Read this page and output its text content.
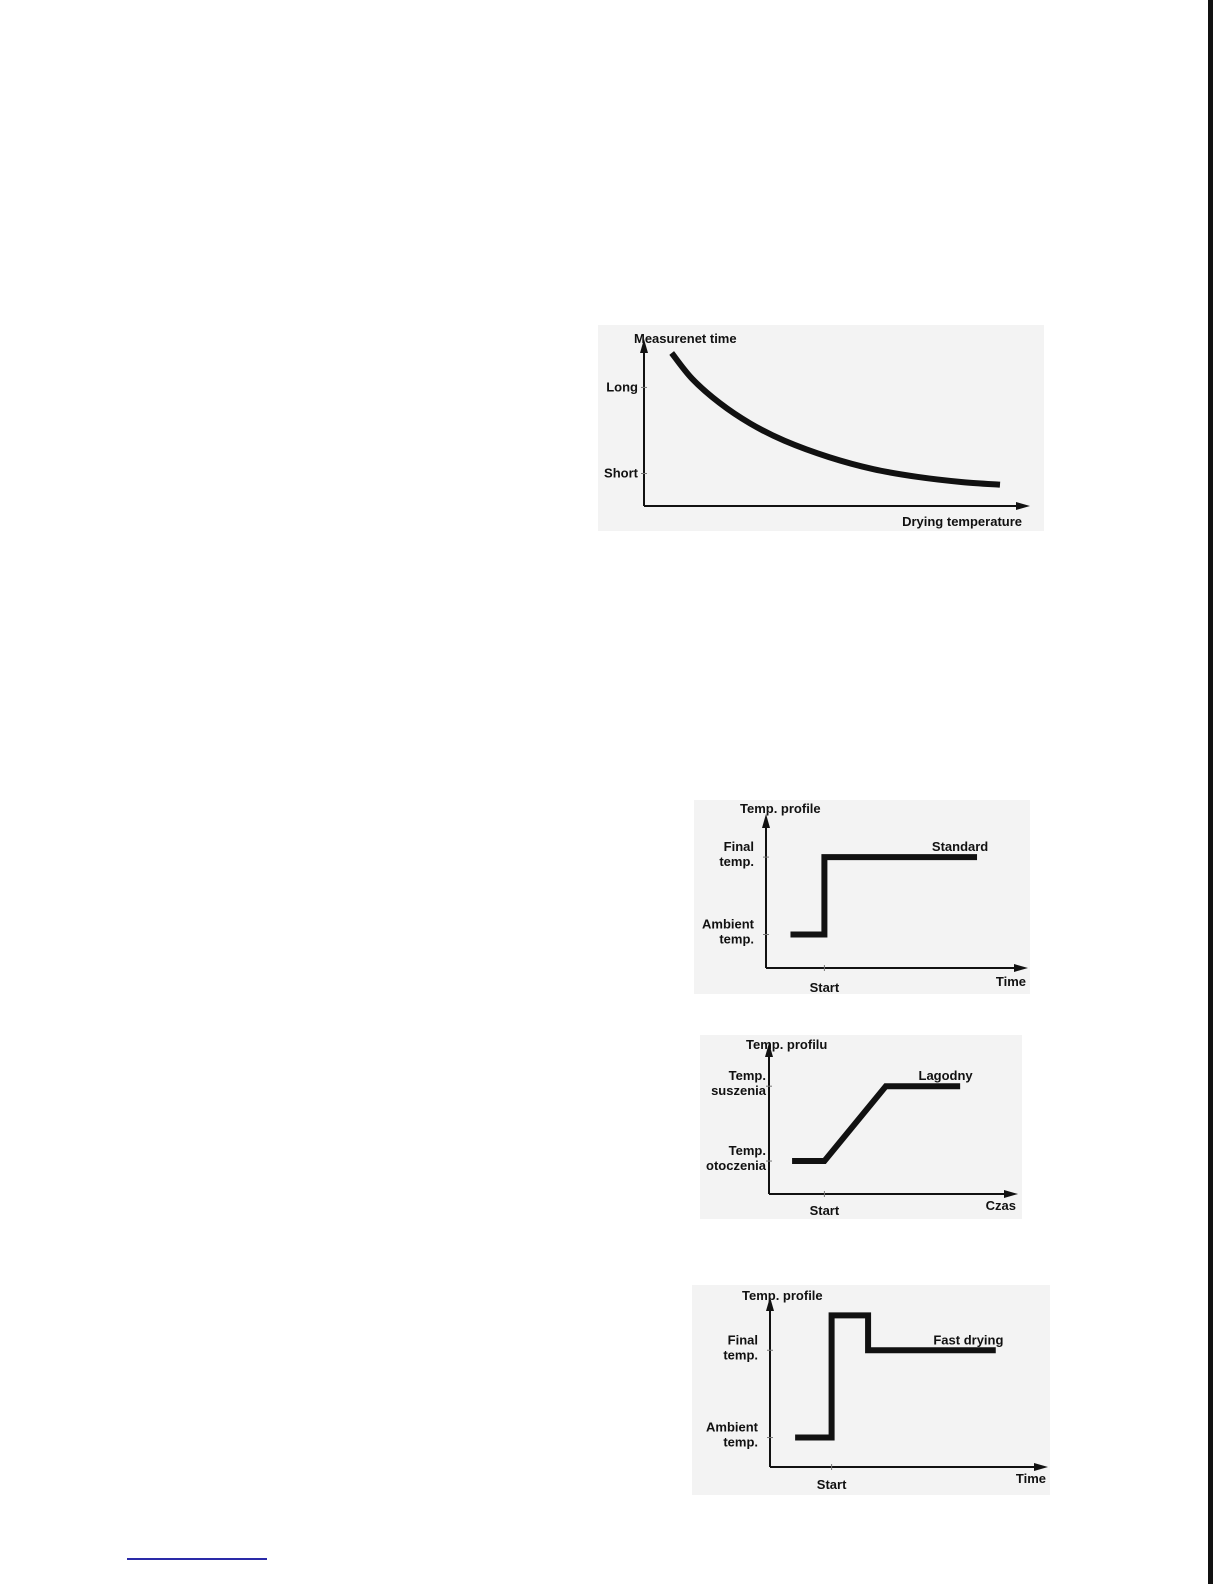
Measurenet time
Drying temperature
Long
Short
Temp. profile
Time
Final temp.
Ambient temp.
Start
Standard
Temp. profilu
Czas
Temp. suszenia
Temp. otoczenia
Start
Lagodny
Temp. profile
Time
Final temp.
Ambient temp.
Start
Fast drying
